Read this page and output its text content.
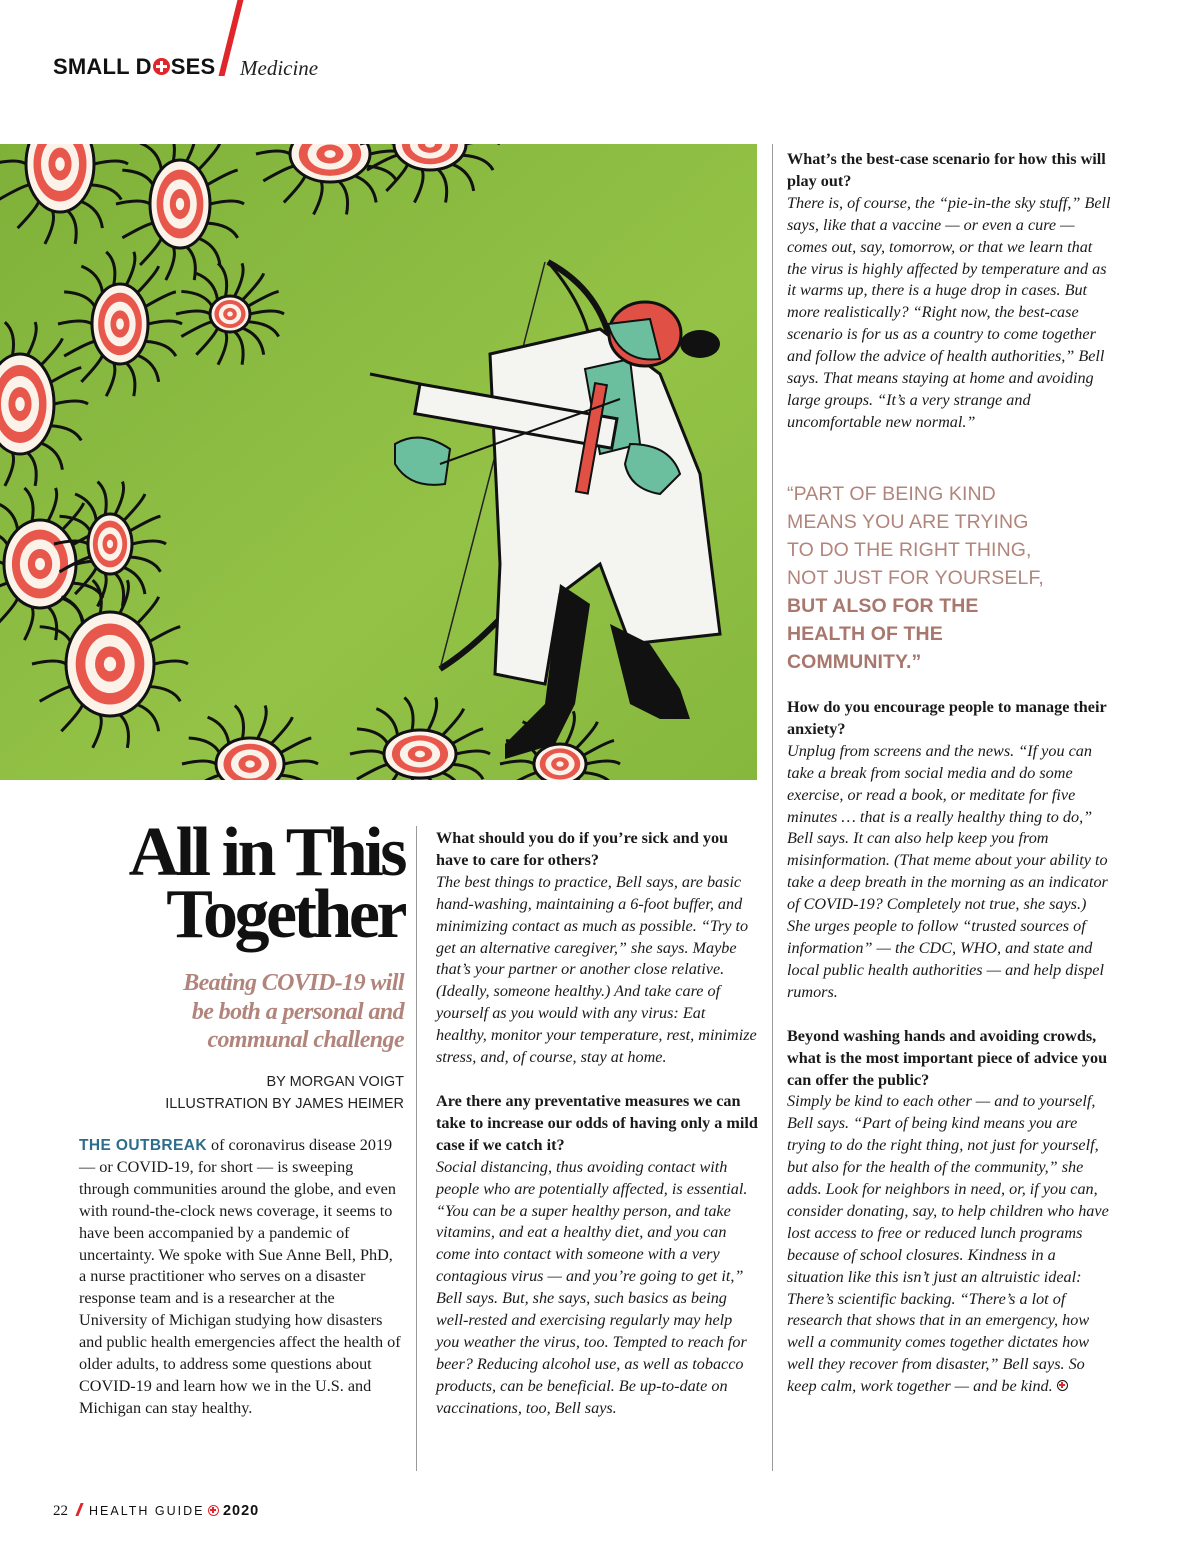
SMALL D SES Medicine
All in This
Together
Beating COVID-19 will
be both a personal and
communal challenge
BY MORGAN VOIGT
ILLUSTRATION BY JAMES HEIMER

THE OUTBREAK of coronavirus disease 2019 — or COVID-19, for short — is sweeping through communities around the globe, and even with round-the-clock news coverage, it seems to have been accompanied by a pandemic of uncertainty. We spoke with Sue Anne Bell, PhD, a nurse practitioner who serves on a disaster response team and is a researcher at the University of Michigan studying how disasters and public health emergencies affect the health of older adults, to address some questions about COVID-19 and learn how we in the U.S. and Michigan can stay healthy.

What should you do if you’re sick and you have to care for others?

The best things to practice, Bell says, are basic hand-washing, maintaining a 6-foot buffer, and minimizing contact as much as possible. “Try to get an alternative caregiver,” she says. Maybe that’s your partner or another close relative. (Ideally, someone healthy.) And take care of yourself as you would with any virus: Eat healthy, monitor your temperature, rest, minimize stress, and, of course, stay at home.

Are there any preventative measures we can take to increase our odds of having only a mild case if we catch it?

Social distancing, thus avoiding contact with people who are potentially affected, is essential. “You can be a super healthy person, and take vitamins, and eat a healthy diet, and you can come into contact with someone with a very contagious virus — and you’re going to get it,” Bell says. But, she says, such basics as being well-rested and exercising regularly may help you weather the virus, too. Tempted to reach for beer? Reducing alcohol use, as well as tobacco products, can be beneficial. Be up-to-date on vaccinations, too, Bell says.

What’s the best-case scenario for how this will play out?

There is, of course, the “pie-in-the sky stuff,” Bell says, like that a vaccine — or even a cure — comes out, say, tomorrow, or that we learn that the virus is highly affected by temperature and as it warms up, there is a huge drop in cases. But more realistically? “Right now, the best-case scenario is for us as a country to come together and follow the advice of health authorities,” Bell says. That means staying at home and avoiding large groups. “It’s a very strange and uncomfortable new normal.”

“PART OF BEING KIND MEANS YOU ARE TRYING TO DO THE RIGHT THING, NOT JUST FOR YOURSELF, BUT ALSO FOR THE HEALTH OF THE COMMUNITY.”

How do you encourage people to manage their anxiety?

Unplug from screens and the news. “If you can take a break from social media and do some exercise, or read a book, or meditate for five minutes … that is a really healthy thing to do,” Bell says. It can also help keep you from misinformation. (That meme about your ability to take a deep breath in the morning as an indicator of COVID-19? Completely not true, she says.) She urges people to follow “trusted sources of information” — the CDC, WHO, and state and local public health authorities — and help dispel rumors.

Beyond washing hands and avoiding crowds, what is the most important piece of advice you can offer the public?

Simply be kind to each other — and to yourself, Bell says. “Part of being kind means you are trying to do the right thing, not just for yourself, but also for the health of the community,” she adds. Look for neighbors in need, or, if you can, consider donating, say, to help children who have lost access to free or reduced lunch programs because of school closures. Kindness in a situation like this isn’t just an altruistic ideal: There’s scientific backing. “There’s a lot of research that shows that in an emergency, how well a community comes together dictates how well they recover from disaster,” Bell says. So keep calm, work together — and be kind.

22 HEALTH GUIDE 2020
